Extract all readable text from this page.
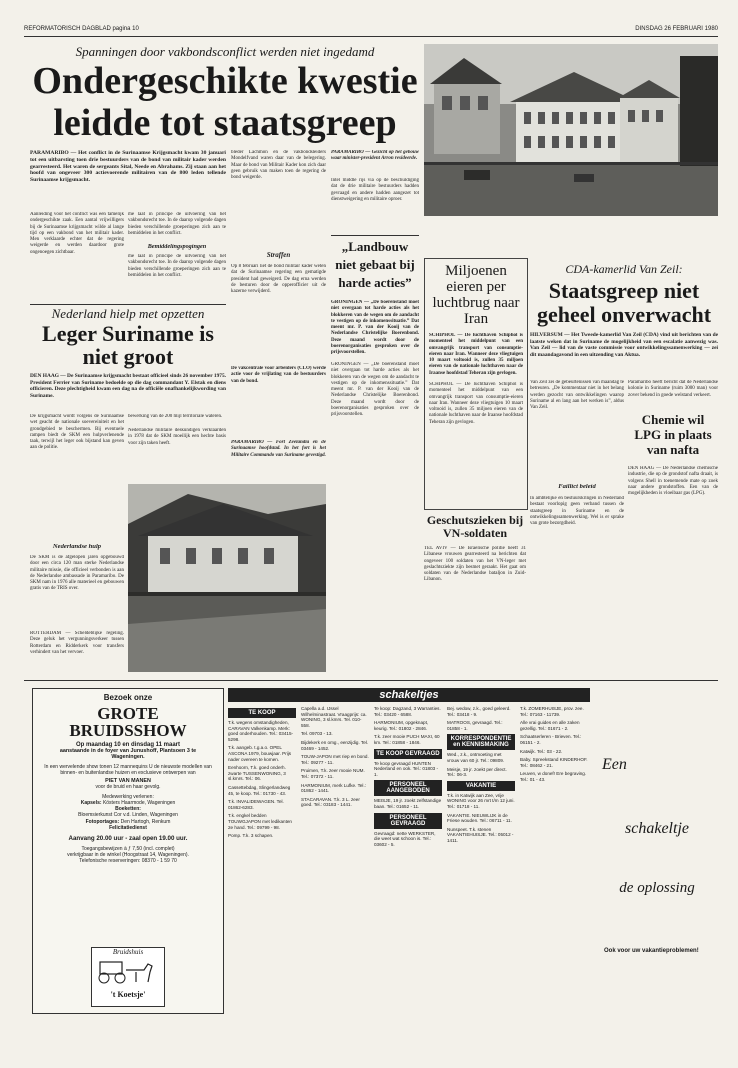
REFORMATORISCH DAGBLAD pagina 10	DINSDAG 26 FEBRUARI 1980
Spanningen door vakbondsconflict werden niet ingedamd
Ondergeschikte kwestie
leidde tot staatsgreep
PARAMARIBO — Het conflict in de Surinaamse Krijgsmacht kwam 30 januari tot een uitbarsting toen drie bestuurders van de bond van militair kader werden gearresteerd. Het waren de sergeants Sital, Neede en Abrahams. Zij staan aan het hoofd van ongeveer 300 actievoerende militairen van de 800 leden tellende Surinaamse krijgsmacht.
Aanleiding voor het conflict was een tamelijk ondergeschikte zaak. Een aantal vrijwilligers bij de Surinaamse krijgsmacht wilde al lange tijd op een vakbond van het militair kader. Men verklaarde echter dat de regering weigerde en werden daardoor grote ongenoegen zichtbaar.
me laat in principe de uitvoering van het vakbondsrecht toe. In de daarop volgende dagen bieden verschillende groeperingen zich aan te bemiddelen in het conflict.
Bemiddelingspogingen
me laat in principe de uitvoering van het vakbondsrecht toe. In de daarop volgende dagen bieden verschillende groeperingen zich aan te bemiddelen in het conflict.
bleder Lachmon en de vakbondsleiders Mondelfvand waren daar van de belegering. Maar de bond van Militair Kader kon zich daar geen gebruik van maken toen de regering de bond weigerde.
Straffen
Op 8 februari liet de bond militair kader weten dat de Surinaamse regering een gematigde president had geweigerd. De dag erna werden de besturen door de opperofficier uit de kazerne verwijderd.
De vakcentrale voor arbeiders (CLO) werde actie voor de vrijlating van de bestuurders van de bond.
PARAMARIBO — Fort Zeelandia en de Surinaamse hoofdstad. In het fort is het Militaire Commando van Suriname gevestigd.
PARAMARIBO — Gezicht op het gebouw waar minister-president Arron resideerde.
Intel middle rijs via op de beschuldiging dat de drie militaire bestuurders hadden gevraagd en andere hadden aangezet tot dienstweigering en militaire oproer.
„Landbouw niet gebaat bij harde acties”
GRONINGEN — „De boerenstand moet niet overgaan tot harde acties als het blokkeren van de wegen om de aandacht te vestigen op de inkomenssituatie.” Dat meent mr. P. van der Kooij van de Nederlandse Christelijke Boerenbond. Deze maand wordt door de boerenorganisaties gesproken over de prijsvoorstellen.
GRONINGEN — „De boerenstand moet niet overgaan tot harde acties als het blokkeren van de wegen om de aandacht te vestigen op de inkomenssituatie.” Dat meent mr. P. van der Kooij van de Nederlandse Christelijke Boerenbond. Deze maand wordt door de boerenorganisaties gesproken over de prijsvoorstellen.
Nederland hielp met opzetten
Leger Suriname is niet groot
DEN HAAG — De Surinaamse krijgsmacht bestaat officieel sinds 26 november 1975. President Ferrier van Suriname bedoelde op die dag commandant Y. Elstak en diens officieren. Deze plechtigheid kwam een dag na de officiële onafhankelijkwording van Suriname.
De krijgsmacht wordt volgens de Surinaamse wet geacht de nationale soevereiniteit en het grondgebied te beschermen. Bij eventuele rampen biedt de SKM een hulpverlenende taak, terwijl het leger ook bijstand kan geven aan de politie.
Nederlandse hulp
De SKM is de afgelopen jaren opgebouwd door een circa 120 man sterke Nederlandse militaire missie, die officieel verbonden is aan de Nederlandse ambassade in Paramaribo. De SKM nam in 1976 alle materieel en gebouwen gratis van de TRIS over.
ROTTERDAM — Scheldeblijke regeling. Deze geluk het vergunningsverkeer tussen Rotterdam en Ridderkerk voor transfers verhindert van het vervoer.
bewerking van de 200 mijl territoriale wateren.
Nederlandse militaire deskundigen verklaarden in 1978 dat de SKM moeilijk een hechte basis voor zijn taken heeft.
Miljoenen eieren per luchtbrug naar Iran
SCHIPHOL — De luchthaven Schiphol is momenteel het middelpunt van een omvangrijk transport van consumptie-eieren naar Iran. Wanneer deze vliegtuigen 10 maart voltooid is, zullen 35 miljoen eieren van de nationale luchthaven naar de Iraanse hoofdstad Teheran zijn gevlogen.
SCHIPHOL — De luchthaven Schiphol is momenteel het middelpunt van een omvangrijk transport van consumptie-eieren naar Iran. Wanneer deze vliegtuigen 10 maart voltooid is, zullen 35 miljoen eieren van de nationale luchthaven naar de Iraanse hoofdstad Teheran zijn gevlogen.
Geschutszieken bij VN-soldaten
TEL AVIV — De Israëlische politie heeft 31 Libanese vrouwen gearresteerd na berichten dat ongeveer 100 soldaten van het VN-leger met geslachtsziekte zijn besmet geraakt. Het gaat om soldaten van de Nederlandse bataljon in Zuid-Libanon.
CDA-kamerlid Van Zeil:
Staatsgreep niet geheel onverwacht
HILVERSUM — Het Tweede-kamerlid Van Zeil (CDA) vind uit berichten van de laatste weken dat in Suriname de mogelijkheid van een escalatie aanwezig was. Van Zeil — lid van de vaste commissie voor ontwikkelingssamenwerking — zei dit maandagavond in een uitzending van Aktua.
Van Zeil zei de gebeurtenissen van maandag te betreuren. „De kommentaar niet in het belang werden gezocht van ontwikkelingen waarop Suriname al en lang aan het werken is”, aldus Van Zeil.
Faillict beleid
In ambtelijke en bestuurskringen in Nederland bestaat voorlopig geen verband tussen de staatsgreep in Suriname en de ontwikkelingssamenwerking. Wel is er sprake van grote bezorgdheid.
Paramaribo heeft bericht dat de Nederlandse kolonie in Suriname (ruim 3000 man) voor zover bekend in goede welstand verkeert.
Chemie wil LPG in plaats van nafta
DEN HAAG — De Nederlandse chemische industrie, die op de grondstof nafta draait, is volgens Shell in toenemende mate op zoek naar andere grondstoffen. Een van de mogelijkheden is vloeibaar gas (LPG).
Bezoek onze
GROTE
BRUIDSSHOW
Op maandag 10 en dinsdag 11 maart
aanstaande in de foyer van Junushoff, Plantsoen 3 te Wageningen.
In een wervelende show tonen 12 mannequins U de nieuwste modellen van binnen- en buitenlandse huizen en exclusieve ontwerpen van
PIET VAN MANEN
voor de bruid en haar gevolg.
Medewerking verlenen:
Kapsels: Kösters Haarmode, Wageningen
Boeketten:
Bloemsierkunst Cor v.d. Linden, Wageningen
Fotoportages: Den Hartogh, Renkum
Felicitatiedienst
Aanvang 20.00 uur - zaal open 19.00 uur.
Toegangsbewijzen à ƒ 7,50 (incl. complet)
verkrijgbaar in de winkel (Hoogstraat 14, Wageningen).
Telefonische reserveringen: 08370 - 1 59 70
Bruidshuis
't Koetsje'
schakeltjes
TE KOOP
T.k. wegens omstandigheden, CARAVAN Valkenkamp. Merk: goed onderhouden. Tel.: 03415-5298.
T.k. aangeb. t.g.a.o. OPEL ASCONA 1979, bouwjaar. Prijs nader overeen te komen.
Eenhoorn, T.k. goed onderh. zwarte TUSSENWONING, 3 sl.kmrs. Tel.: 06.
Cassettebdag, Slingerlandweg 45, te koop. Tel.: 01730 - 43.
T.k. INVALIDEWAGEN. Tel. 01862-6283.
T.k. engkel bedden TOUWGJAPON met ledikanten 2e hand. Tel.: 09799 - 98.
Pomp. T.k. 3 schapen.
Capella a.d. IJssel Wilhelminastraat. Vraagprijs: ca. WONING, 3 sl.kmrs. Tel. 010-558.
Tel. 09703 - 13.
Bijdekerk en omg., eenzijdig. Tel. 03469 - 1452.
TOUW-JAPON met riep en bond. Tel.: 09277 - 11.
Pruimen, T.k. zeer mooie NUM. Tel.: 07372 - 11.
HARMONIUM, merk Lufke. Tel.: 01862 - 1441.
STACARAVAN. T.k. 3 L. zeer goed. Tel.: 03183 - 1441.
Te koop: Dagzand, 3 Warranties. Tel.: 03420 - 6588.
HARMONIUM, opgeknapt, keurig. Tel.: 01802 - 2846.
T.k. zeer mooie PUCH MAXI, 60 km. Tel.: 01858 - 1846.
TE KOOP GEVRAAGD
Te koop gevraagd HUNTEN Nederland en ook. Tel.: 01803 - 1.
PERSONEEL AANGEBODEN
MEISJE, 19 jr. zoekt zelfstandige baan. Tel.: 01652 - 11.
PERSONEEL GEVRAAGD
Gevraagd: nette WERKSTER, die weet wat schoon is. Tel.: 03602 - 5.
Bej. wedow, z.k., goed geleerd. Tel.: 03418 - 9.
MATROOS, gevraagd. Tel.: 01858 - 1.
KORRESPONDENTIE en KENNISMAKING
Wed., z.k., ontmoeting met vrouw van 60 jr. Tel.: 09809.
Meisje, 19 jr. zoekt per direct. Tel.: 06-3.
VAKANTIE
T.k. in Katwijk aan Zee, vrije WONING voor 26 mrt t/m 12 juni. Tel.: 01718 - 11.
VAKANTIE. NIEUWLIJK in de Friese wouden. Tel.: 06711 - 11.
Nunspeet. T.k. stenen VAKANTIEHUISJE. Tel.: 05012 - 1411.
T.k. ZOMERHUISJE, prov. zee. Tel.: 07163 - 11739.
Alle vrai guides en alle zaken gezellig. Tel.: 01671 - 2.
Schaatserleren - Brieven. Tel.: 06151 - 2.
Katwijk. Tel.: 03 - 22.
Baby. Spreekstand KINDERHOF. Tel.: 08462 - 21.
Leuven, w donef! Ere begraving. Tel.: 01 - 43.
Een
schakeltje
de oplossing
Ook voor uw vakantieproblemen!
